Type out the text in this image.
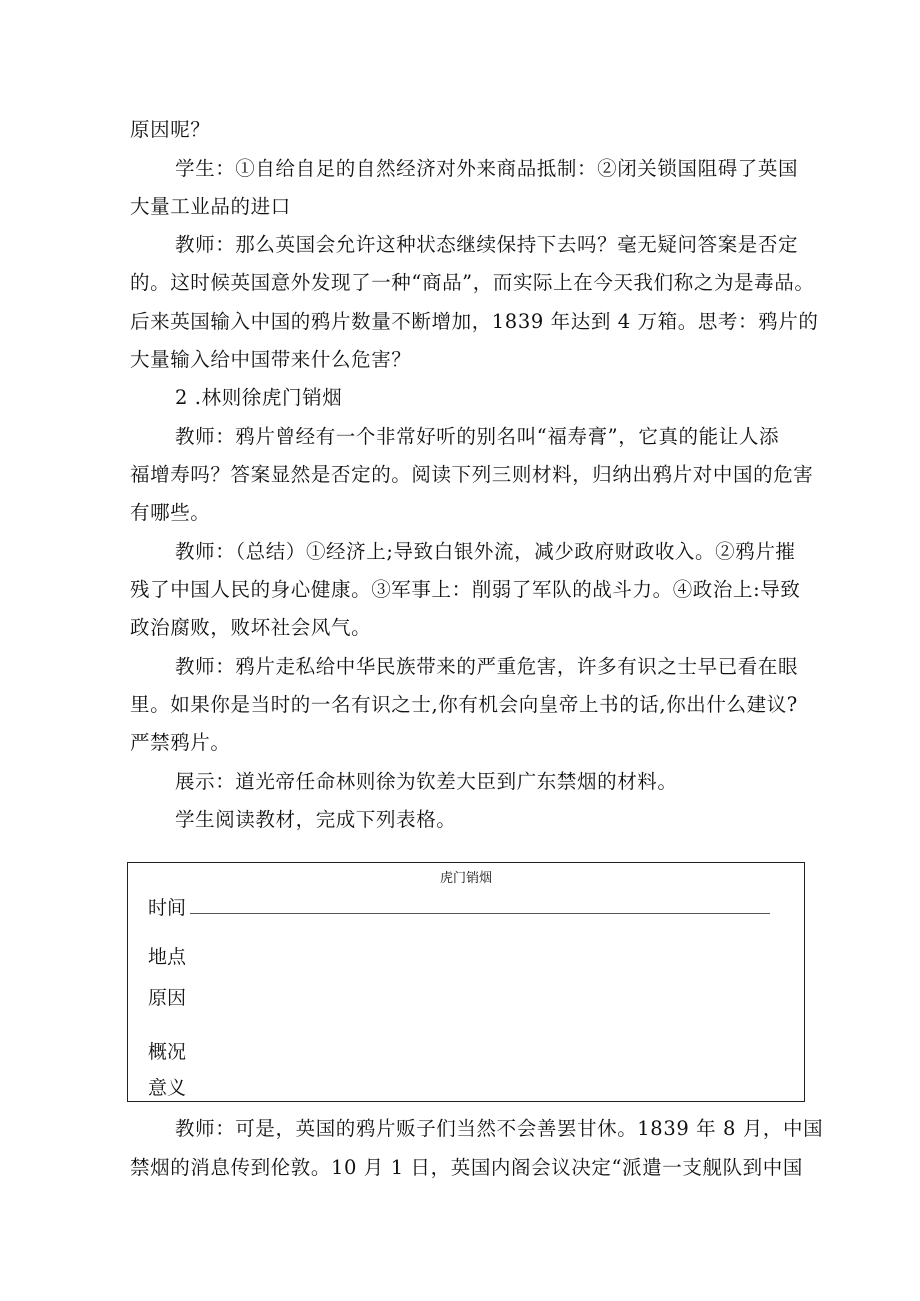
原因呢？
学生：①自给自足的自然经济对外来商品抵制：②闭关锁国阻碍了英国
大量工业品的进口
教师：那么英国会允许这种状态继续保持下去吗？毫无疑问答案是否定
的。这时候英国意外发现了一种“商品”，而实际上在今天我们称之为是毒品。
后来英国输入中国的鸦片数量不断增加，1839 年达到 4 万箱。思考：鸦片的
大量输入给中国带来什么危害？
2 .林则徐虎门销烟
教师：鸦片曾经有一个非常好听的别名叫“福寿膏”，它真的能让人添
福增寿吗？答案显然是否定的。阅读下列三则材料，归纳出鸦片对中国的危害
有哪些。
教师：（总结）①经济上;导致白银外流，减少政府财政收入。②鸦片摧
残了中国人民的身心健康。③军事上：削弱了军队的战斗力。④政治上:导致
政治腐败，败坏社会风气。
教师：鸦片走私给中华民族带来的严重危害，许多有识之士早已看在眼
里。如果你是当时的一名有识之士,你有机会向皇帝上书的话,你出什么建议?
严禁鸦片。
展示：道光帝任命林则徐为钦差大臣到广东禁烟的材料。
学生阅读教材，完成下列表格。
虎门销烟
时间
地点
原因
概况
意义
教师：可是，英国的鸦片贩子们当然不会善罢甘休。1839 年 8 月，中国
禁烟的消息传到伦敦。10 月 1 日，英国内阁会议决定“派遣一支舰队到中国
